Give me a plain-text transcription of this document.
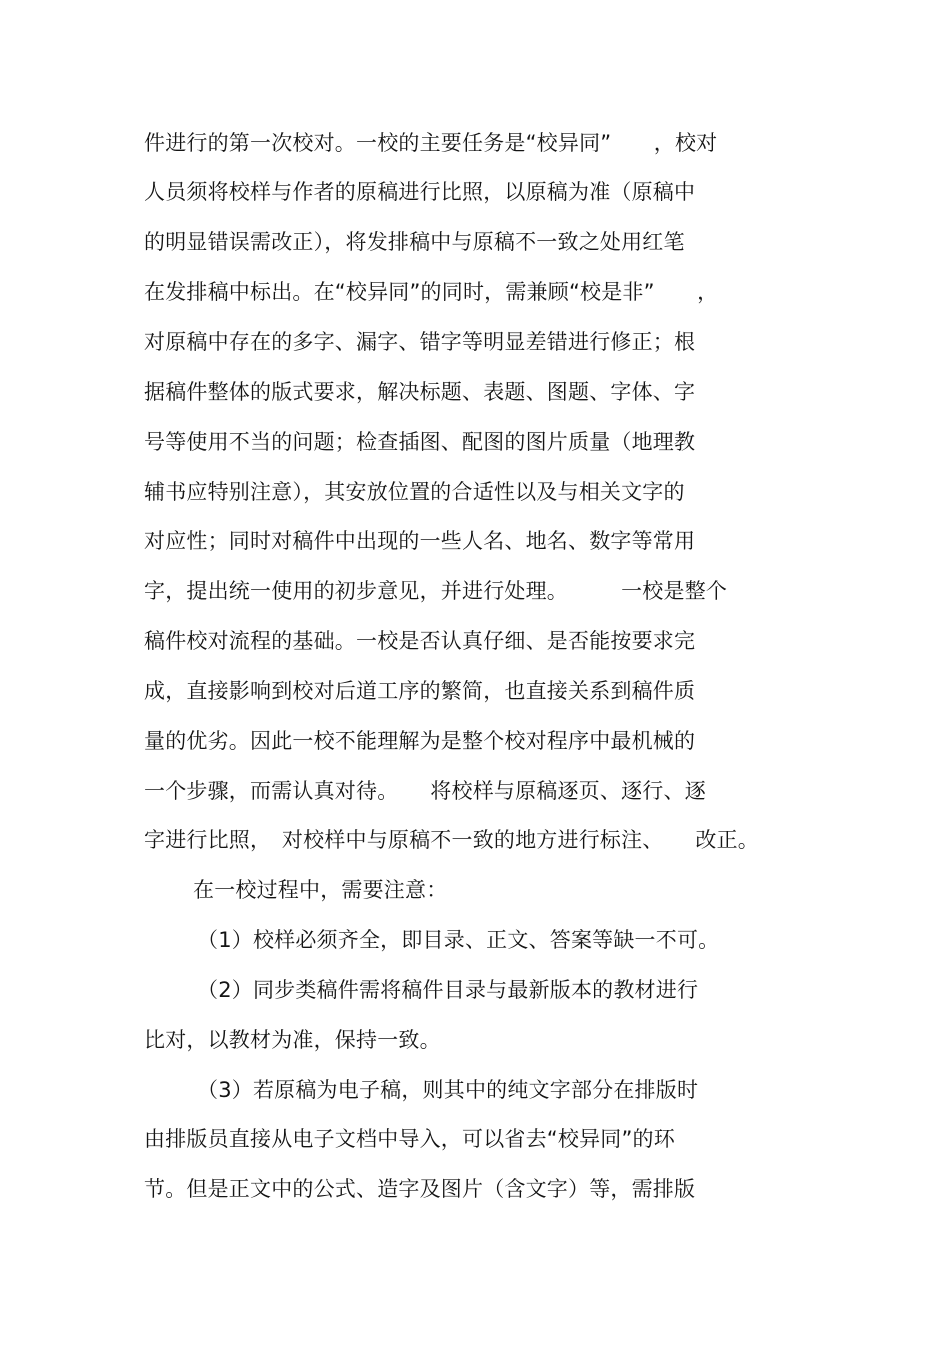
件进行的第一次校对。一校的主要任务是“校异同”　　，校对
人员须将校样与作者的原稿进行比照，以原稿为准（原稿中
的明显错误需改正），将发排稿中与原稿不一致之处用红笔
在发排稿中标出。在“校异同”的同时，需兼顾“校是非”　　，
对原稿中存在的多字、漏字、错字等明显差错进行修正；根
据稿件整体的版式要求，解决标题、表题、图题、字体、字
号等使用不当的问题；检查插图、配图的图片质量（地理教
辅书应特别注意），其安放位置的合适性以及与相关文字的
对应性；同时对稿件中出现的一些人名、地名、数字等常用
字，提出统一使用的初步意见，并进行处理。　　　一校是整个
稿件校对流程的基础。一校是否认真仔细、是否能按要求完
成，直接影响到校对后道工序的繁简，也直接关系到稿件质
量的优劣。因此一校不能理解为是整个校对程序中最机械的
一个步骤，而需认真对待。　　将校样与原稿逐页、逐行、逐
字进行比照，　对校样中与原稿不一致的地方进行标注、　　改正。
在一校过程中，需要注意：
（1）校样必须齐全，即目录、正文、答案等缺一不可。
（2）同步类稿件需将稿件目录与最新版本的教材进行
比对，以教材为准，保持一致。
（3）若原稿为电子稿，则其中的纯文字部分在排版时
由排版员直接从电子文档中导入，可以省去“校异同”的环
节。但是正文中的公式、造字及图片（含文字）等，需排版
